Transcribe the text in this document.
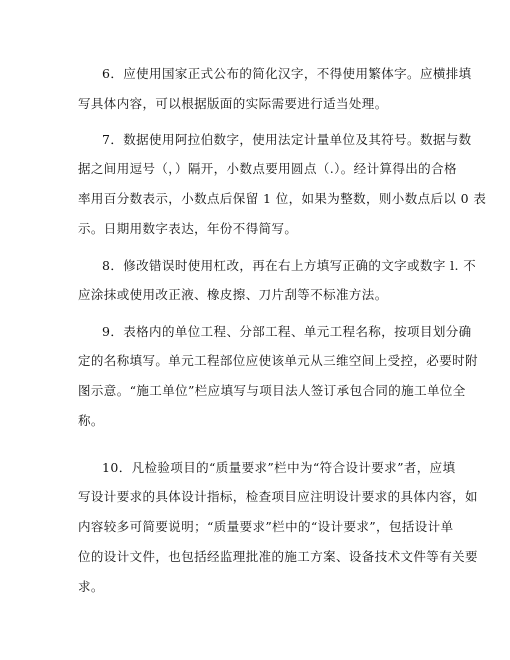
6．应使用国家正式公布的简化汉字，不得使用繁体字。应横排填
写具体内容，可以根据版面的实际需要进行适当处理。
7．数据使用阿拉伯数字，使用法定计量单位及其符号。数据与数
据之间用逗号（，）隔开，小数点要用圆点（.）。经计算得出的合格
率用百分数表示，小数点后保留 1 位，如果为整数，则小数点后以 0 表
示。日期用数字表达，年份不得简写。
8．修改错误时使用杠改，再在右上方填写正确的文字或数字 l. 不
应涂抹或使用改正液、橡皮擦、刀片刮等不标准方法。
9．表格内的单位工程、分部工程、单元工程名称，按项目划分确
定的名称填写。单元工程部位应使该单元从三维空间上受控，必要时附
图示意。“施工单位”栏应填写与项目法人签订承包合同的施工单位全
称。
10．凡检验项目的“质量要求”栏中为“符合设计要求”者，应填
写设计要求的具体设计指标，检查项目应注明设计要求的具体内容，如
内容较多可简要说明；“质量要求”栏中的“设计要求”，包括设计单
位的设计文件，也包括经监理批准的施工方案、设备技术文件等有关要
求。
